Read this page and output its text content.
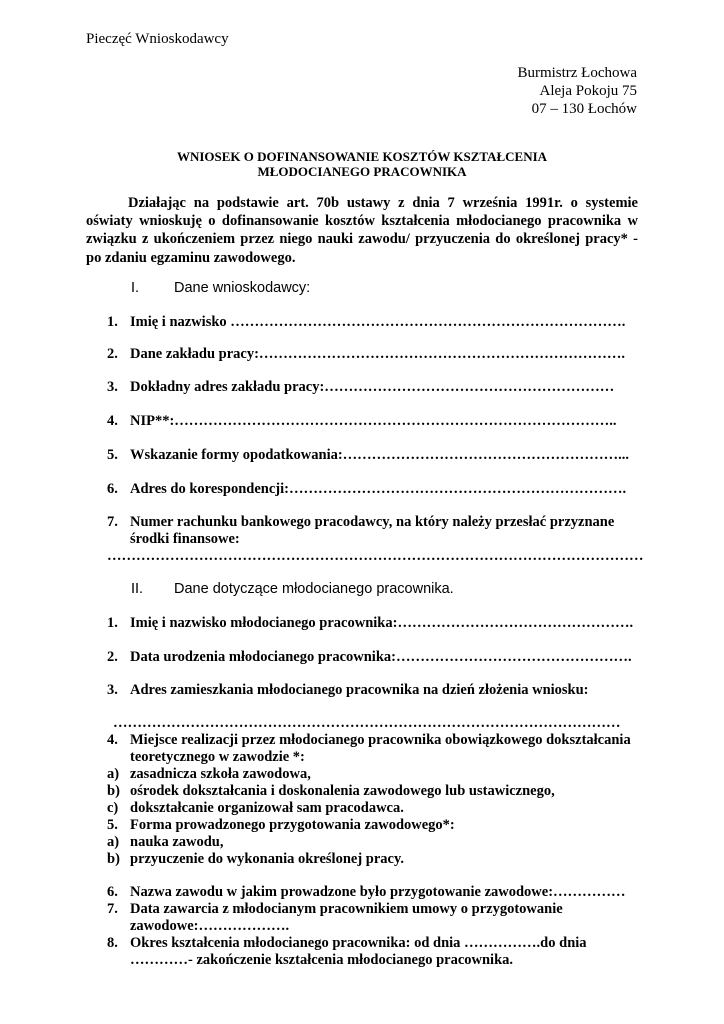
Pieczęć Wnioskodawcy
Burmistrz Łochowa
Aleja Pokoju 75
07 – 130 Łochów
WNIOSEK O DOFINANSOWANIE KOSZTÓW KSZTAŁCENIA
MŁODOCIANEGO PRACOWNIKA

Działając na podstawie art. 70b ustawy z dnia 7 września 1991r. o systemie oświaty wnioskuję o dofinansowanie kosztów kształcenia młodocianego pracownika w związku z ukończeniem przez niego nauki zawodu/ przyuczenia do określonej pracy* - po zdaniu egzaminu zawodowego.

I. Dane wnioskodawcy:
1. Imię i nazwisko ……………………………………………………………………….
2. Dane zakładu pracy:………………………………………………………………….
3. Dokładny adres zakładu pracy:……………………………………………………
4. NIP**:………………………………………………………………………………..
5. Wskazanie formy opodatkowania:…………………………………………………...
6. Adres do korespondencji:…………………………………………………………….
7. Numer rachunku bankowego pracodawcy, na który należy przesłać przyznane
środki finansowe:
…………………………………………………………………………………………………
II. Dane dotyczące młodocianego pracownika.
1. Imię i nazwisko młodocianego pracownika:………………………………………….
2. Data urodzenia młodocianego pracownika:………………………………………….
3. Adres zamieszkania młodocianego pracownika na dzień złożenia wniosku:
……………………………………………………………………………………………
4. Miejsce realizacji przez młodocianego pracownika obowiązkowego dokształcania
teoretycznego w zawodzie *:
a) zasadnicza szkoła zawodowa,
b) ośrodek dokształcania i doskonalenia zawodowego lub ustawicznego,
c) dokształcanie organizował sam pracodawca.
5. Forma prowadzonego przygotowania zawodowego*:
a) nauka zawodu,
b) przyuczenie do wykonania określonej pracy.
6. Nazwa zawodu w jakim prowadzone było przygotowanie zawodowe:……………
7. Data zawarcia z młodocianym pracownikiem umowy o przygotowanie
zawodowe:……………….
8. Okres kształcenia młodocianego pracownika: od dnia …………….do dnia
…………- zakończenie kształcenia młodocianego pracownika.
